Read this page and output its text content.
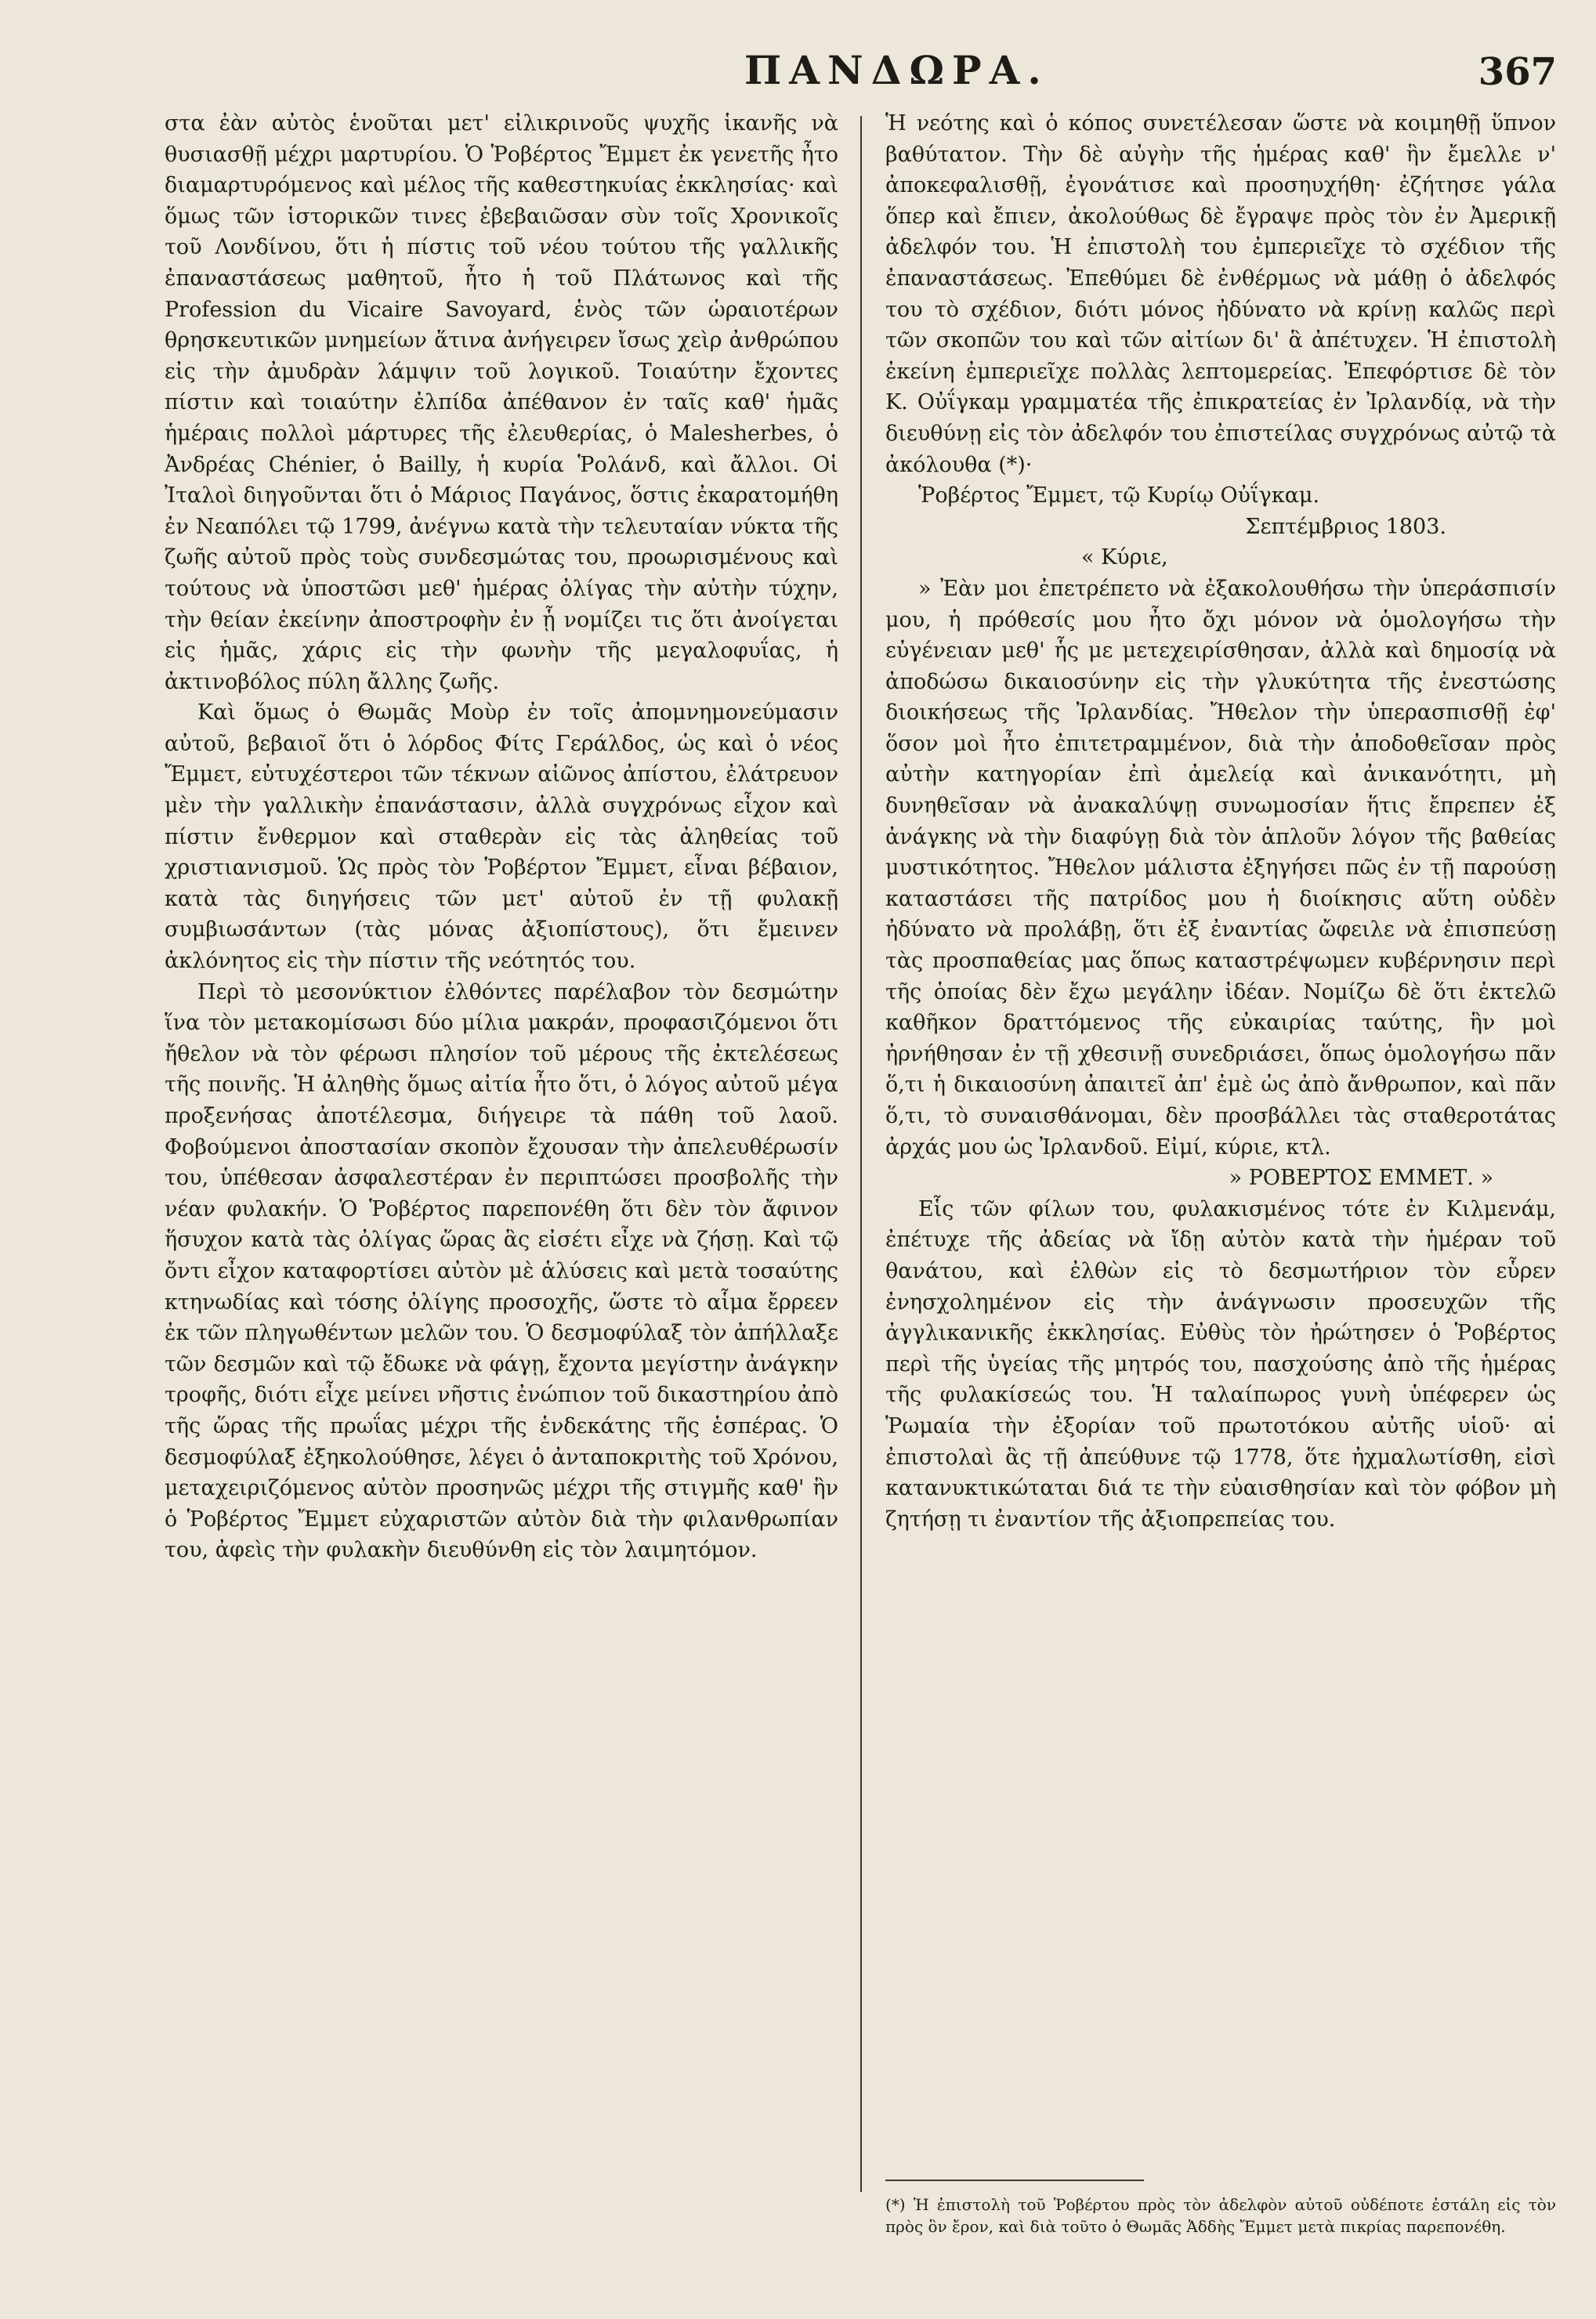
ΠΑΝΔΩΡΑ.	367

στα ἐὰν αὐτὸς ἑνοῦται μετ' εἰλικρινοῦς ψυχῆς ἱκανῆς νὰ θυσιασθῇ μέχρι μαρτυρίου. Ὁ Ῥοβέρτος Ἔμμετ ἐκ γενετῆς ἦτο διαμαρτυρόμενος καὶ μέλος τῆς καθεστηκυίας ἐκκλησίας· καὶ ὅμως τῶν ἱστορικῶν τινες ἐβεβαιῶσαν σὺν τοῖς Χρονικοῖς τοῦ Λονδίνου, ὅτι ἡ πίστις τοῦ νέου τούτου τῆς γαλλικῆς ἐπαναστάσεως μαθητοῦ, ἦτο ἡ τοῦ Πλάτωνος καὶ τῆς Profession du Vicaire Savoyard, ἑνὸς τῶν ὡραιοτέρων θρησκευτικῶν μνημείων ἅτινα ἀνήγειρεν ἴσως χεὶρ ἀνθρώπου εἰς τὴν ἀμυδρὰν λάμψιν τοῦ λογικοῦ. Τοιαύτην ἔχοντες πίστιν καὶ τοιαύτην ἐλπίδα ἀπέθανον ἐν ταῖς καθ' ἡμᾶς ἡμέραις πολλοὶ μάρτυρες τῆς ἐλευθερίας, ὁ Malesherbes, ὁ Ἀνδρέας Chénier, ὁ Bailly, ἡ κυρία Ῥολάνδ, καὶ ἄλλοι. Οἱ Ἰταλοὶ διηγοῦνται ὅτι ὁ Μάριος Παγάνος, ὅστις ἐκαρατομήθη ἐν Νεαπόλει τῷ 1799, ἀνέγνω κατὰ τὴν τελευταίαν νύκτα τῆς ζωῆς αὐτοῦ πρὸς τοὺς συνδεσμώτας του, προωρισμένους καὶ τούτους νὰ ὑποστῶσι μεθ' ἡμέρας ὀλίγας τὴν αὐτὴν τύχην, τὴν θείαν ἐκείνην ἀποστροφὴν ἐν ᾗ νομίζει τις ὅτι ἀνοίγεται εἰς ἡμᾶς, χάρις εἰς τὴν φωνὴν τῆς μεγαλοφυΐας, ἡ ἀκτινοβόλος πύλη ἄλλης ζωῆς.

Καὶ ὅμως ὁ Θωμᾶς Μοὺρ ἐν τοῖς ἀπομνημονεύμασιν αὐτοῦ, βεβαιοῖ ὅτι ὁ λόρδος Φίτς Γεράλδος, ὡς καὶ ὁ νέος Ἔμμετ, εὐτυχέστεροι τῶν τέκνων αἰῶνος ἀπίστου, ἐλάτρευον μὲν τὴν γαλλικὴν ἐπανάστασιν, ἀλλὰ συγχρόνως εἶχον καὶ πίστιν ἔνθερμον καὶ σταθερὰν εἰς τὰς ἀληθείας τοῦ χριστιανισμοῦ. Ὡς πρὸς τὸν Ῥοβέρτον Ἔμμετ, εἶναι βέβαιον, κατὰ τὰς διηγήσεις τῶν μετ' αὐτοῦ ἐν τῇ φυλακῇ συμβιωσάντων (τὰς μόνας ἀξιοπίστους), ὅτι ἔμεινεν ἀκλόνητος εἰς τὴν πίστιν τῆς νεότητός του.

Περὶ τὸ μεσονύκτιον ἐλθόντες παρέλαβον τὸν δεσμώτην ἵνα τὸν μετακομίσωσι δύο μίλια μακράν, προφασιζόμενοι ὅτι ἤθελον νὰ τὸν φέρωσι πλησίον τοῦ μέρους τῆς ἐκτελέσεως τῆς ποινῆς. Ἡ ἀληθὴς ὅμως αἰτία ἦτο ὅτι, ὁ λόγος αὐτοῦ μέγα προξενήσας ἀποτέλεσμα, διήγειρε τὰ πάθη τοῦ λαοῦ. Φοβούμενοι ἀποστασίαν σκοπὸν ἔχουσαν τὴν ἀπελευθέρωσίν του, ὑπέθεσαν ἀσφαλεστέραν ἐν περιπτώσει προσβολῆς τὴν νέαν φυλακήν. Ὁ Ῥοβέρτος παρεπονέθη ὅτι δὲν τὸν ἄφινον ἥσυχον κατὰ τὰς ὀλίγας ὥρας ἃς εἰσέτι εἶχε νὰ ζήσῃ. Καὶ τῷ ὄντι εἶχον καταφορτίσει αὐτὸν μὲ ἁλύσεις καὶ μετὰ τοσαύτης κτηνωδίας καὶ τόσης ὀλίγης προσοχῆς, ὥστε τὸ αἷμα ἔρρεεν ἐκ τῶν πληγωθέντων μελῶν του. Ὁ δεσμοφύλαξ τὸν ἀπήλλαξε τῶν δεσμῶν καὶ τῷ ἔδωκε νὰ φάγῃ, ἔχοντα μεγίστην ἀνάγκην τροφῆς, διότι εἶχε μείνει νῆστις ἐνώπιον τοῦ δικαστηρίου ἀπὸ τῆς ὥρας τῆς πρωΐας μέχρι τῆς ἑνδεκάτης τῆς ἑσπέρας. Ὁ δεσμοφύλαξ ἐξηκολούθησε, λέγει ὁ ἀνταποκριτὴς τοῦ Χρόνου, μεταχειριζόμενος αὐτὸν προσηνῶς μέχρι τῆς στιγμῆς καθ' ἣν ὁ Ῥοβέρτος Ἔμμετ εὐχαριστῶν αὐτὸν διὰ τὴν φιλανθρωπίαν του, ἀφεὶς τὴν φυλακὴν διευθύνθη εἰς τὸν λαιμητόμον.

Ἡ νεότης καὶ ὁ κόπος συνετέλεσαν ὥστε νὰ κοιμηθῇ ὕπνον βαθύτατον. Τὴν δὲ αὐγὴν τῆς ἡμέρας καθ' ἣν ἔμελλε ν' ἀποκεφαλισθῇ, ἐγονάτισε καὶ προσηυχήθη· ἐζήτησε γάλα ὅπερ καὶ ἔπιεν, ἀκολούθως δὲ ἔγραψε πρὸς τὸν ἐν Ἀμερικῇ ἀδελφόν του. Ἡ ἐπιστολὴ του ἐμπεριεῖχε τὸ σχέδιον τῆς ἐπαναστάσεως. Ἐπεθύμει δὲ ἐνθέρμως νὰ μάθῃ ὁ ἀδελφός του τὸ σχέδιον, διότι μόνος ἠδύνατο νὰ κρίνῃ καλῶς περὶ τῶν σκοπῶν του καὶ τῶν αἰτίων δι' ἃ ἀπέτυχεν. Ἡ ἐπιστολὴ ἐκείνη ἐμπεριεῖχε πολλὰς λεπτομερείας. Ἐπεφόρτισε δὲ τὸν Κ. Οὐΐγκαμ γραμματέα τῆς ἐπικρατείας ἐν Ἰρλανδίᾳ, νὰ τὴν διευθύνῃ εἰς τὸν ἀδελφόν του ἐπιστείλας συγχρόνως αὐτῷ τὰ ἀκόλουθα (*)·

Ῥοβέρτος Ἔμμετ, τῷ Κυρίῳ Οὐΐγκαμ.

Σεπτέμβριος 1803.

« Κύριε,

» Ἐὰν μοι ἐπετρέπετο νὰ ἐξακολουθήσω τὴν ὑπεράσπισίν μου, ἡ πρόθεσίς μου ἦτο ὄχι μόνον νὰ ὁμολογήσω τὴν εὐγένειαν μεθ' ἧς με μετεχειρίσθησαν, ἀλλὰ καὶ δημοσίᾳ νὰ ἀποδώσω δικαιοσύνην εἰς τὴν γλυκύτητα τῆς ἐνεστώσης διοικήσεως τῆς Ἰρλανδίας. Ἤθελον τὴν ὑπερασπισθῇ ἐφ' ὅσον μοὶ ἦτο ἐπιτετραμμένον, διὰ τὴν ἀποδοθεῖσαν πρὸς αὐτὴν κατηγορίαν ἐπὶ ἀμελείᾳ καὶ ἀνικανότητι, μὴ δυνηθεῖσαν νὰ ἀνακαλύψῃ συνωμοσίαν ἥτις ἔπρεπεν ἐξ ἀνάγκης νὰ τὴν διαφύγῃ διὰ τὸν ἁπλοῦν λόγον τῆς βαθείας μυστικότητος. Ἤθελον μάλιστα ἐξηγήσει πῶς ἐν τῇ παρούσῃ καταστάσει τῆς πατρίδος μου ἡ διοίκησις αὕτη οὐδὲν ἠδύνατο νὰ προλάβῃ, ὅτι ἐξ ἐναντίας ὤφειλε νὰ ἐπισπεύσῃ τὰς προσπαθείας μας ὅπως καταστρέψωμεν κυβέρνησιν περὶ τῆς ὁποίας δὲν ἔχω μεγάλην ἰδέαν. Νομίζω δὲ ὅτι ἐκτελῶ καθῆκον δραττόμενος τῆς εὐκαιρίας ταύτης, ἣν μοὶ ἠρνήθησαν ἐν τῇ χθεσινῇ συνεδριάσει, ὅπως ὁμολογήσω πᾶν ὅ,τι ἡ δικαιοσύνη ἀπαιτεῖ ἀπ' ἐμὲ ὡς ἀπὸ ἄνθρωπον, καὶ πᾶν ὅ,τι, τὸ συναισθάνομαι, δὲν προσβάλλει τὰς σταθεροτάτας ἀρχάς μου ὡς Ἰρλανδοῦ. Εἰμί, κύριε, κτλ.

» ΡΟΒΕΡΤΟΣ ΕΜΜΕΤ. »

Εἷς τῶν φίλων του, φυλακισμένος τότε ἐν Κιλμενάμ, ἐπέτυχε τῆς ἀδείας νὰ ἴδῃ αὐτὸν κατὰ τὴν ἡμέραν τοῦ θανάτου, καὶ ἐλθὼν εἰς τὸ δεσμωτήριον τὸν εὗρεν ἐνησχολημένον εἰς τὴν ἀνάγνωσιν προσευχῶν τῆς ἀγγλικανικῆς ἐκκλησίας. Εὐθὺς τὸν ἠρώτησεν ὁ Ῥοβέρτος περὶ τῆς ὑγείας τῆς μητρός του, πασχούσης ἀπὸ τῆς ἡμέρας τῆς φυλακίσεώς του. Ἡ ταλαίπωρος γυνὴ ὑπέφερεν ὡς Ῥωμαία τὴν ἐξορίαν τοῦ πρωτοτόκου αὐτῆς υἱοῦ· αἱ ἐπιστολαὶ ἃς τῇ ἀπεύθυνε τῷ 1778, ὅτε ἠχμαλωτίσθη, εἰσὶ κατανυκτικώταται διά τε τὴν εὐαισθησίαν καὶ τὸν φόβον μὴ ζητήσῃ τι ἐναντίον τῆς ἀξιοπρεπείας του.

(*) Ἡ ἐπιστολὴ τοῦ Ῥοβέρτου πρὸς τὸν ἀδελφὸν αὐτοῦ οὐδέποτε ἐστάλη εἰς τὸν πρὸς ὃν ἔρον, καὶ διὰ τοῦτο ὁ Θωμᾶς Ἀδδὴς Ἔμμετ μετὰ πικρίας παρεπονέθη.
